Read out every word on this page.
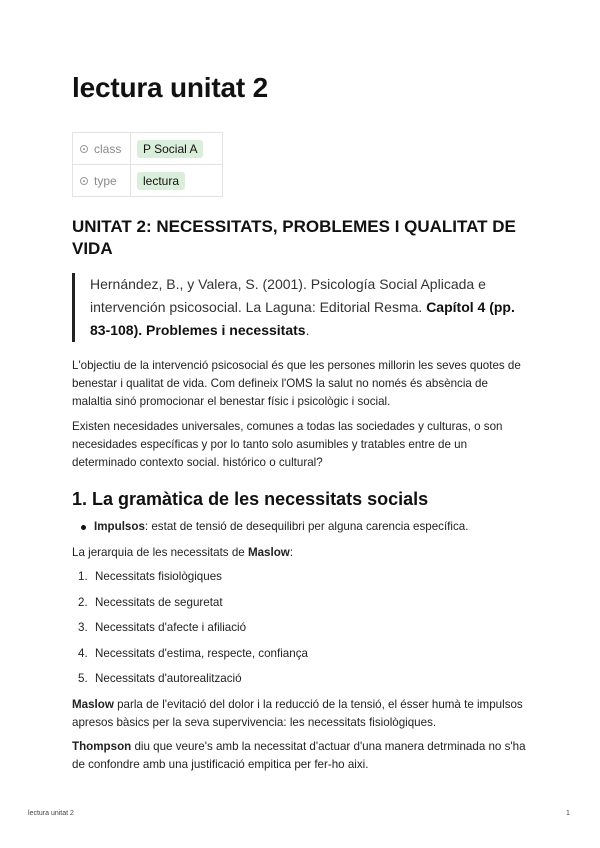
lectura unitat 2
class	P Social A

type	lectura
UNITAT 2: NECESSITATS, PROBLEMES I QUALITAT DE VIDA
Hernández, B., y Valera, S. (2001). Psicología Social Aplicada e intervención psicosocial. La Laguna: Editorial Resma. Capítol 4 (pp. 83-108). Problemes i necessitats.

L'objectiu de la intervenció psicosocial és que les persones millorin les seves quotes de benestar i qualitat de vida. Com defineix l'OMS la salut no només és absència de malaltia sinó promocionar el benestar físic i psicològic i social.

Existen necesidades universales, comunes a todas las sociedades y culturas, o son necesidades específicas y por lo tanto solo asumibles y tratables entre de un determinado contexto social. histórico o cultural?

1. La gramàtica de les necessitats socials
Impulsos: estat de tensió de desequilibri per alguna carencia específica.

La jerarquia de les necessitats de Maslow:

1. Necessitats fisiològiques
2. Necessitats de seguretat
3. Necessitats d'afecte i afiliació
4. Necessitats d'estima, respecte, confiança
5. Necessitats d'autorealització

Maslow parla de l'evitació del dolor i la reducció de la tensió, el ésser humà te impulsos apresos bàsics per la seva supervivencia: les necessitats fisiològiques.

Thompson diu que veure's amb la necessitat d'actuar d'una manera detrminada no s'ha de confondre amb una justificació empitica per fer-ho aixi.

lectura unitat 2	1
